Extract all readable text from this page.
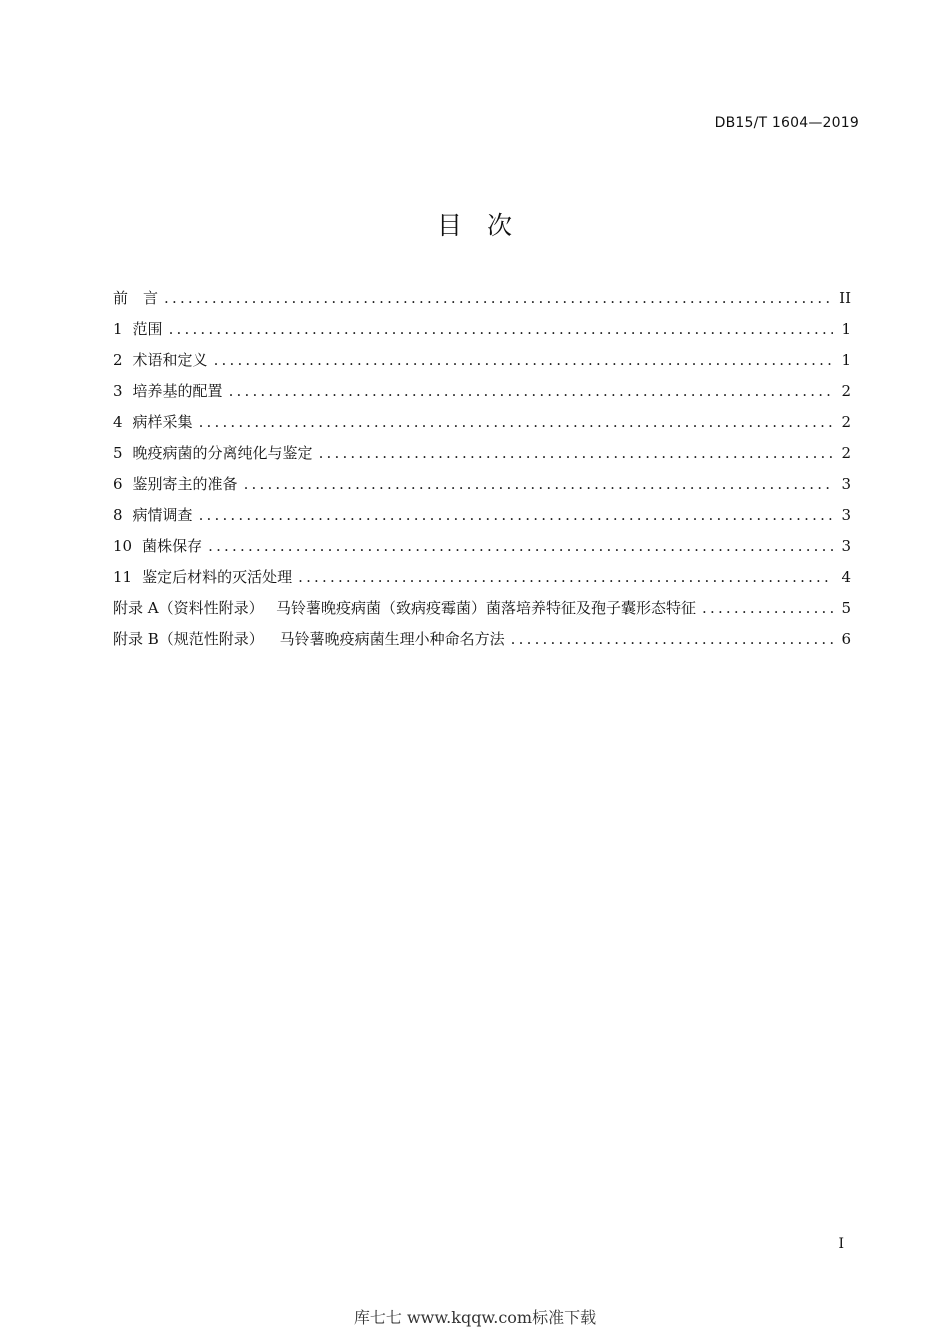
DB15/T 1604—2019
目 次
前　言 .....	II
1 范围 .....	1
2 术语和定义 .....	1
3 培养基的配置 .....	2
4 病样采集 .....	2
5 晚疫病菌的分离纯化与鉴定 .....	2
6 鉴别寄主的准备 .....	3
8 病情调查 .....	3
10 菌株保存 .....	3
11 鉴定后材料的灭活处理 .....	4
附录 A（资料性附录） 马铃薯晚疫病菌（致病疫霉菌）菌落培养特征及孢子囊形态特征 .....	5
附录 B（规范性附录） 马铃薯晚疫病菌生理小种命名方法 .....	6
I
库七七 www.kqqw.com标准下载
